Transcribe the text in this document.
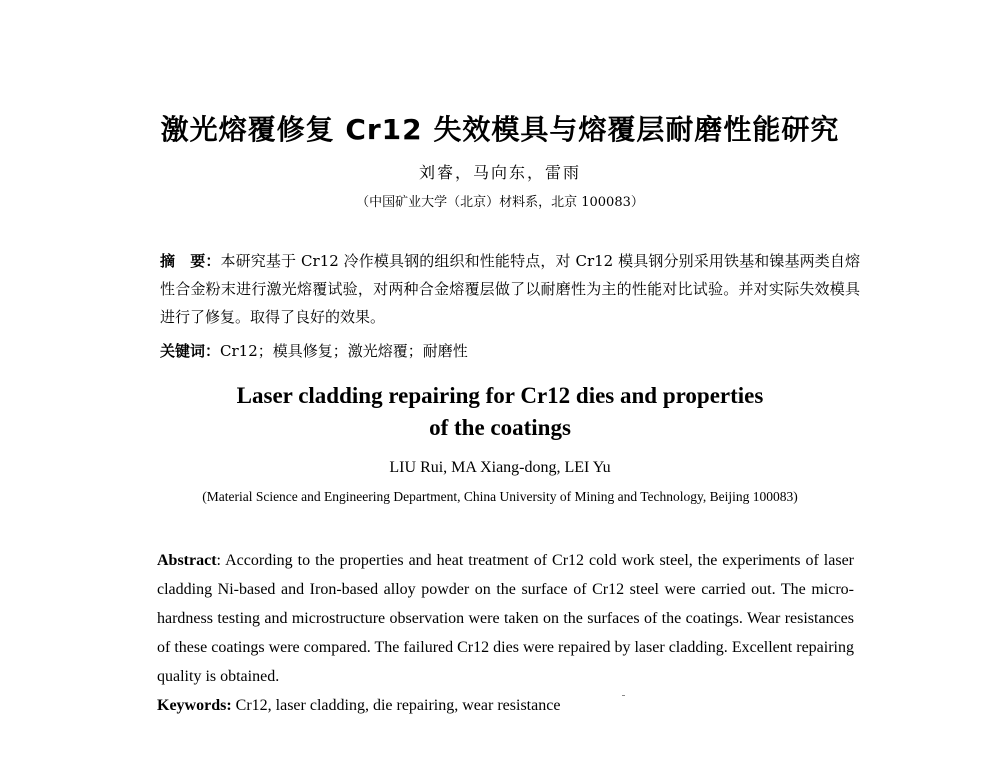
激光熔覆修复 Cr12 失效模具与熔覆层耐磨性能研究
刘睿，马向东，雷雨
（中国矿业大学（北京）材料系，北京 100083）
摘　要：本研究基于 Cr12 冷作模具钢的组织和性能特点，对 Cr12 模具钢分别采用铁基和镍基两类自熔性合金粉末进行激光熔覆试验，对两种合金熔覆层做了以耐磨性为主的性能对比试验。并对实际失效模具进行了修复。取得了良好的效果。
关键词：Cr12；模具修复；激光熔覆；耐磨性
Laser cladding repairing for Cr12 dies and properties
of the coatings
LIU Rui, MA Xiang-dong, LEI Yu
(Material Science and Engineering Department, China University of Mining and Technology, Beijing 100083)
Abstract: According to the properties and heat treatment of Cr12 cold work steel, the experiments of laser cladding Ni-based and Iron-based alloy powder on the surface of Cr12 steel were carried out. The micro-hardness testing and microstructure observation were taken on the surfaces of the coatings. Wear resistances of these coatings were compared. The failured Cr12 dies were repaired by laser cladding. Excellent repairing quality is obtained.
Keywords: Cr12, laser cladding, die repairing, wear resistance
